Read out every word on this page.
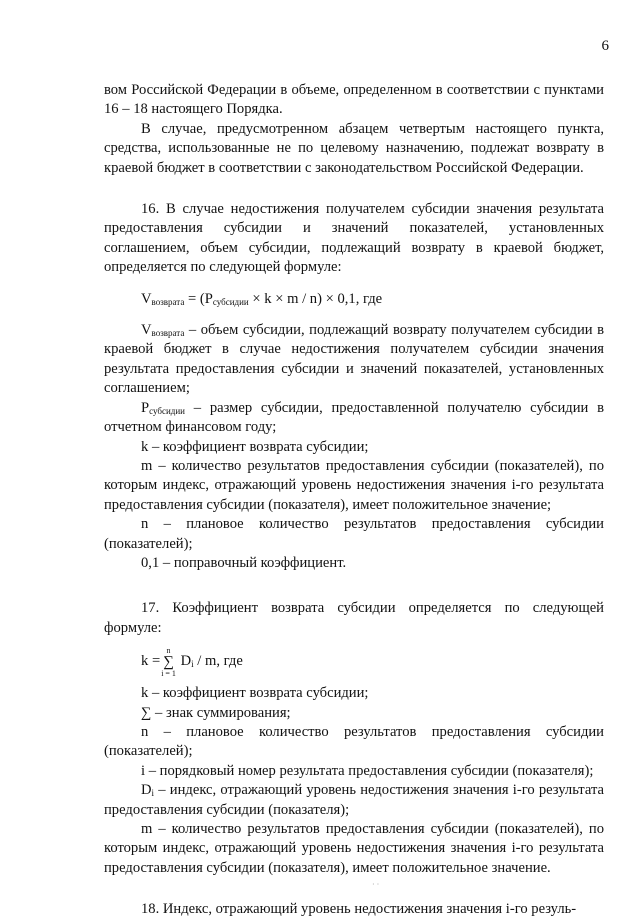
6

вом Российской Федерации в объеме, определенном в соответствии с пунктами 16 – 18 настоящего Порядка.

В случае, предусмотренном абзацем четвертым настоящего пункта, средства, использованные не по целевому назначению, подлежат возврату в краевой бюджет в соответствии с законодательством Российской Федерации.

16. В случае недостижения получателем субсидии значения результата предоставления субсидии и значений показателей, установленных соглашением, объем субсидии, подлежащий возврату в краевой бюджет, определяется по следующей формуле:

$V_{возврата} = (P_{субсидии} \times k \times m / n) \times 0,1$, где

$V_{возврата}$ – объем субсидии, подлежащий возврату получателем субсидии в краевой бюджет в случае недостижения получателем субсидии значения результата предоставления субсидии и значений показателей, установленных соглашением;

$P_{субсидии}$ – размер субсидии, предоставленной получателю субсидии в отчетном финансовом году;

k – коэффициент возврата субсидии;

m – количество результатов предоставления субсидии (показателей), по которым индекс, отражающий уровень недостижения значения i-го результата предоставления субсидии (показателя), имеет положительное значение;

n – плановое количество результатов предоставления субсидии (показателей);

0,1 – поправочный коэффициент.

17. Коэффициент возврата субсидии определяется по следующей формуле:

k =
n
∑
i = 1
$D_i$ / m, где

k – коэффициент возврата субсидии;

∑ – знак суммирования;

n – плановое количество результатов предоставления субсидии (показателей);

i – порядковый номер результата предоставления субсидии (показателя);

$D_i$ – индекс, отражающий уровень недостижения значения i-го результата предоставления субсидии (показателя);

m – количество результатов предоставления субсидии (показателей), по которым индекс, отражающий уровень недостижения значения i-го результата предоставления субсидии (показателя), имеет положительное значение.

18. Индекс, отражающий уровень недостижения значения i-го резуль-

· ·
